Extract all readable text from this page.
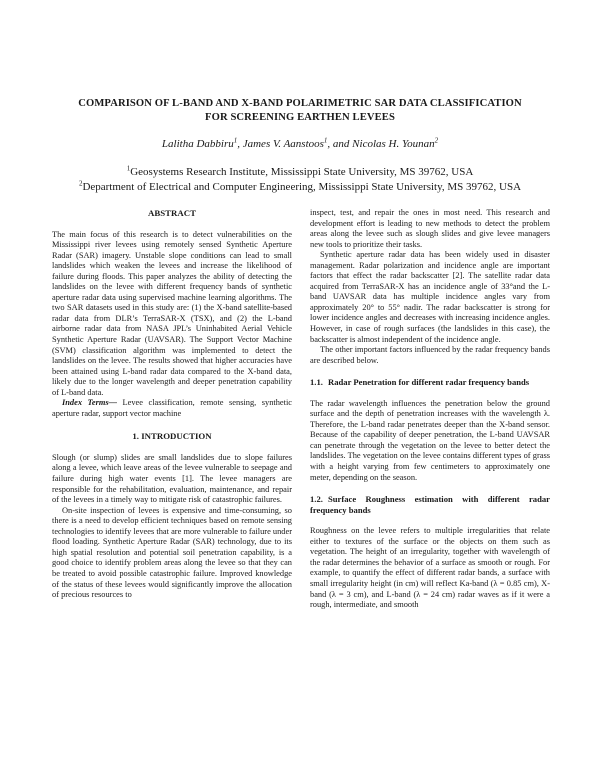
COMPARISON OF L-BAND AND X-BAND POLARIMETRIC SAR DATA CLASSIFICATION
FOR SCREENING EARTHEN LEVEES
Lalitha Dabbiru$^1$, James V. Aanstoos$^1$, and Nicolas H. Younan$^2$
$^1$Geosystems Research Institute, Mississippi State University, MS 39762, USA
$^2$Department of Electrical and Computer Engineering, Mississippi State University, MS 39762, USA

ABSTRACT

The main focus of this research is to detect vulnerabilities on the Mississippi river levees using remotely sensed Synthetic Aperture Radar (SAR) imagery. Unstable slope conditions can lead to small landslides which weaken the levees and increase the likelihood of failure during floods. This paper analyzes the ability of detecting the landslides on the levee with different frequency bands of synthetic aperture radar data using supervised machine learning algorithms. The two SAR datasets used in this study are: (1) the X-band satellite-based radar data from DLR’s TerraSAR-X (TSX), and (2) the L-band airborne radar data from NASA JPL’s Uninhabited Aerial Vehicle Synthetic Aperture Radar (UAVSAR). The Support Vector Machine (SVM) classification algorithm was implemented to detect the landslides on the levee. The results showed that higher accuracies have been attained using L-band radar data compared to the X-band data, likely due to the longer wavelength and deeper penetration capability of L-band data.

Index Terms— Levee classification, remote sensing, synthetic aperture radar, support vector machine

1. INTRODUCTION

Slough (or slump) slides are small landslides due to slope failures along a levee, which leave areas of the levee vulnerable to seepage and failure during high water events [1]. The levee managers are responsible for the rehabilitation, evaluation, maintenance, and repair of the levees in a timely way to mitigate risk of catastrophic failures.

On-site inspection of levees is expensive and time-consuming, so there is a need to develop efficient techniques based on remote sensing technologies to identify levees that are more vulnerable to failure under flood loading. Synthetic Aperture Radar (SAR) technology, due to its high spatial resolution and potential soil penetration capability, is a good choice to identify problem areas along the levee so that they can be treated to avoid possible catastrophic failure. Improved knowledge of the status of these levees would significantly improve the allocation of precious resources to

inspect, test, and repair the ones in most need. This research and development effort is leading to new methods to detect the problem areas along the levee such as slough slides and give levee managers new tools to prioritize their tasks.

Synthetic aperture radar data has been widely used in disaster management. Radar polarization and incidence angle are important factors that effect the radar backscatter [2]. The satellite radar data acquired from TerraSAR-X has an incidence angle of 33°and the L-band UAVSAR data has multiple incidence angles vary from approximately 20° to 55° nadir. The radar backscatter is strong for lower incidence angles and decreases with increasing incidence angles. However, in case of rough surfaces (the landslides in this case), the backscatter is almost independent of the incidence angle.

The other important factors influenced by the radar frequency bands are described below.

1.1. Radar Penetration for different radar frequency bands

The radar wavelength influences the penetration below the ground surface and the depth of penetration increases with the wavelength λ. Therefore, the L-band radar penetrates deeper than the X-band sensor. Because of the capability of deeper penetration, the L-band UAVSAR can penetrate through the vegetation on the levee to better detect the landslides. The vegetation on the levee contains different types of grass with a height varying from few centimeters to approximately one meter, depending on the season.

1.2. Surface Roughness estimation with different radar frequency bands

Roughness on the levee refers to multiple irregularities that relate either to textures of the surface or the objects on them such as vegetation. The height of an irregularity, together with wavelength of the radar determines the behavior of a surface as smooth or rough. For example, to quantify the effect of different radar bands, a surface with small irregularity height (in cm) will reflect Ka-band (λ = 0.85 cm), X-band (λ = 3 cm), and L-band (λ = 24 cm) radar waves as if it were a rough, intermediate, and smooth
